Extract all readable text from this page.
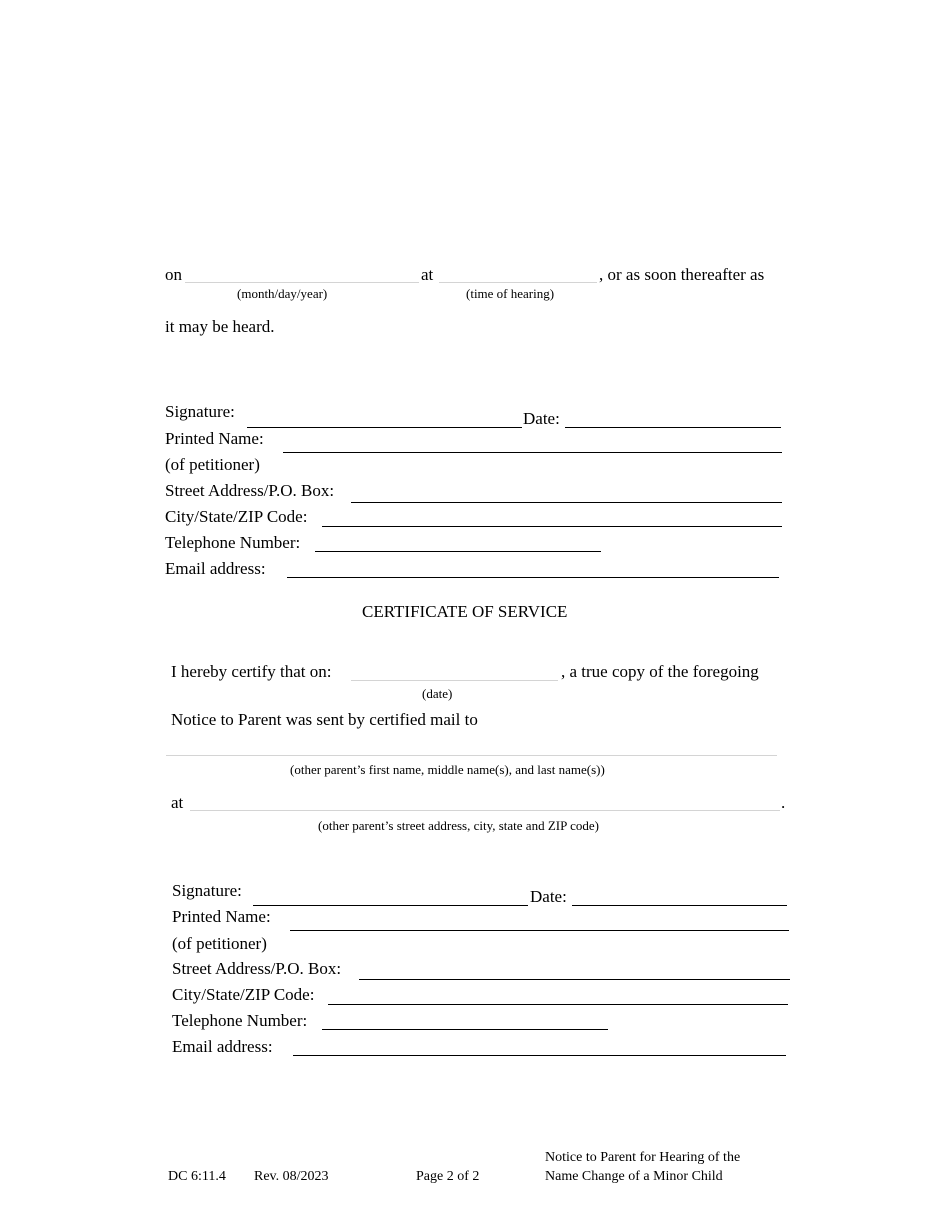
on	at	, or as soon thereafter as
(month/day/year)	(time of hearing)
it may be heard.
Signature:	Date:
Printed Name:
(of petitioner)
Street Address/P.O. Box:
City/State/ZIP Code:
Telephone Number:
Email address:
CERTIFICATE OF SERVICE
I hereby certify that on:	, a true copy of the foregoing
(date)
Notice to Parent was sent by certified mail to
(other parent’s first name, middle name(s), and last name(s))
at	.
(other parent’s street address, city, state and ZIP code)
Signature:	Date:
Printed Name:
(of petitioner)
Street Address/P.O. Box:
City/State/ZIP Code:
Telephone Number:
Email address:
DC 6:11.4 Rev. 08/2023	Page 2 of 2
Notice to Parent for Hearing of the
Name Change of a Minor Child
